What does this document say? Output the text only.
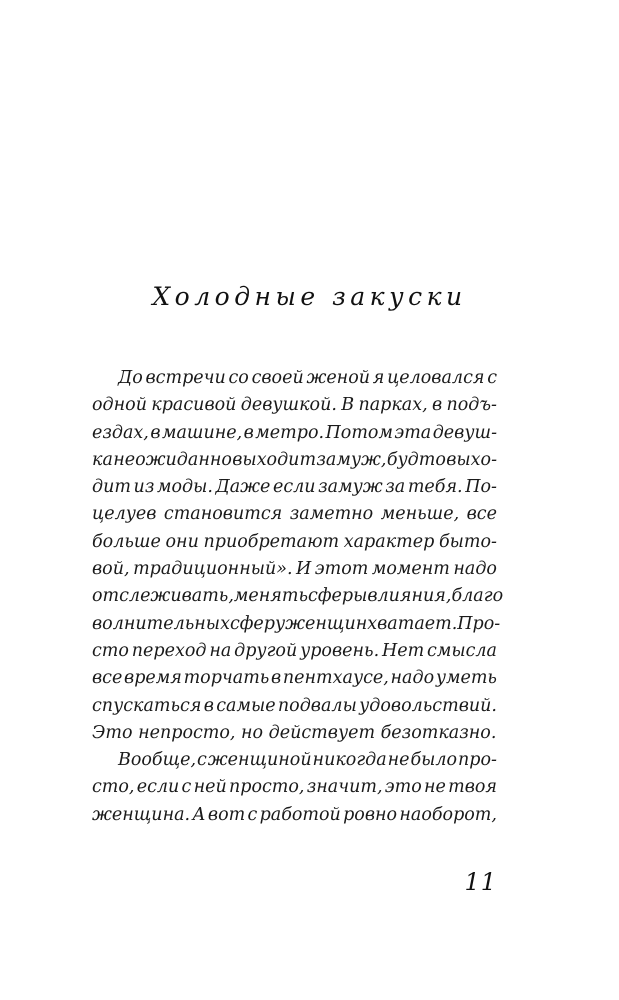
Холодные закуски
До встречи со своей женой я целовался с
одной красивой девушкой. В парках, в подъ-
ездах, в машине, в метро. Потом эта девуш-
ка неожиданно выходит замуж, будто выхо-
дит из моды. Даже если замуж за тебя. По-
целуев становится заметно меньше, все
больше они приобретают характер быто-
вой, традиционный». И этот момент надо
отслеживать, менять сферы влияния, благо
волнительных сфер у женщин хватает. Про-
сто переход на другой уровень. Нет смысла
все время торчать в пентхаусе, надо уметь
спускаться в самые подвалы удовольствий.
Это непросто, но действует безотказно.
Вообще, с женщиной никогда не было про-
сто, если с ней просто, значит, это не твоя
женщина. А вот с работой ровно наоборот,
11
